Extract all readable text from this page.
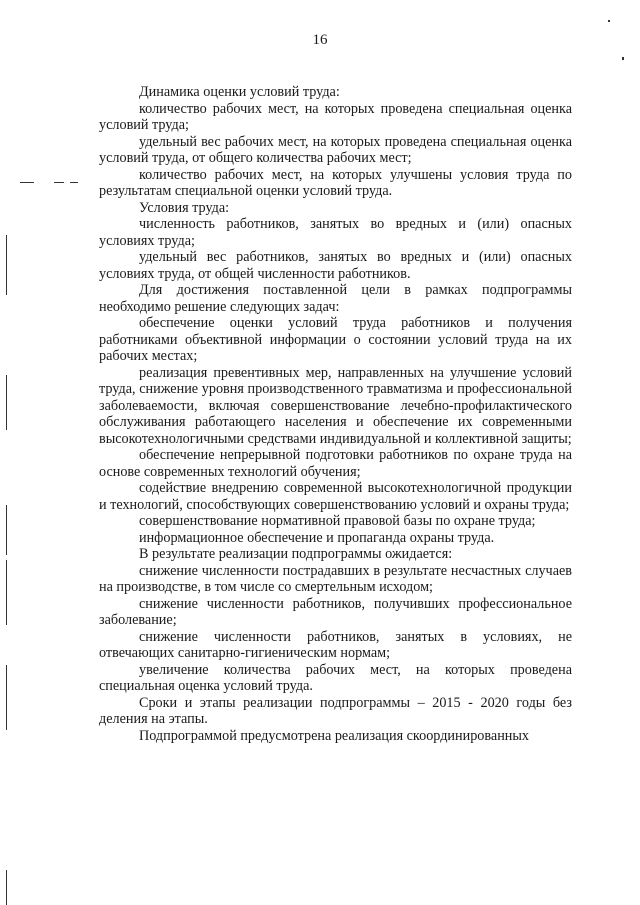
16

Динамика оценки условий труда:

количество рабочих мест, на которых проведена специальная оценка условий труда;

удельный вес рабочих мест, на которых проведена специальная оценка условий труда, от общего количества рабочих мест;

количество рабочих мест, на которых улучшены условия труда по результатам специальной оценки условий труда.

Условия труда:

численность работников, занятых во вредных и (или) опасных условиях труда;

удельный вес работников, занятых во вредных и (или) опасных условиях труда, от общей численности работников.

Для достижения поставленной цели в рамках подпрограммы необходимо решение следующих задач:

обеспечение оценки условий труда работников и получения работниками объективной информации о состоянии условий труда на их рабочих местах;

реализация превентивных мер, направленных на улучшение условий труда, снижение уровня производственного травматизма и профессиональной заболеваемости, включая совершенствование лечебно-профилактического обслуживания работающего населения и обеспечение их современными высокотехнологичными средствами индивидуальной и коллективной защиты;

обеспечение непрерывной подготовки работников по охране труда на основе современных технологий обучения;

содействие внедрению современной высокотехнологичной продукции и технологий, способствующих совершенствованию условий и охраны труда;

совершенствование нормативной правовой базы по охране труда;

информационное обеспечение и пропаганда охраны труда.

В результате реализации подпрограммы ожидается:

снижение численности пострадавших в результате несчастных случаев на производстве, в том числе со смертельным исходом;

снижение численности работников, получивших профессиональное заболевание;

снижение численности работников, занятых в условиях, не отвечающих санитарно-гигиеническим нормам;

увеличение количества рабочих мест, на которых проведена специальная оценка условий труда.

Сроки и этапы реализации подпрограммы – 2015 - 2020 годы без деления на этапы.

Подпрограммой предусмотрена реализация скоординированных
